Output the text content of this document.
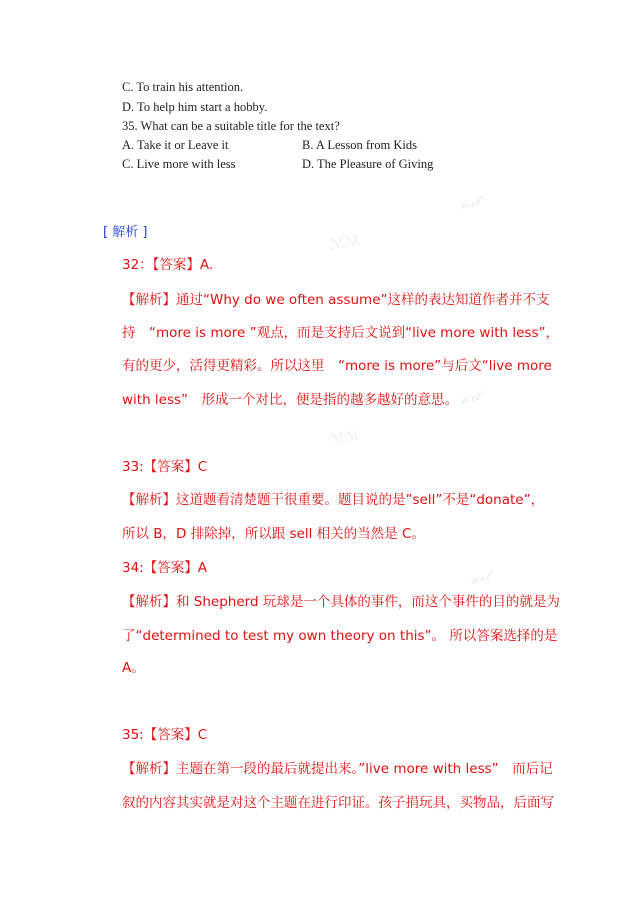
ℳℳ
𝓃𝓍𝓉
ℳℳ
𝓃𝓍𝓉
𝓃𝓍𝓉
C. To train his attention.
D. To help him start a hobby.
35. What can be a suitable title for the text?
A. Take it or Leave it	B. A Lesson from Kids
C. Live more with less	D. The Pleasure of Giving
[ 解析 ]
32：【答案】A.
【解析】通过“Why do we often assume”这样的表达知道作者并不支
持　“more is more ”观点，而是支持后文说到“live more with less”，
有的更少，活得更精彩。所以这里　“more is more”与后文“live more
with less”　形成一个对比，便是指的越多越好的意思。
33:【答案】C
【解析】这道题看清楚题干很重要。题目说的是”sell”不是“donate”，
所以 B，D 排除掉，所以跟 sell 相关的当然是 C。
34:【答案】A
【解析】和 Shepherd 玩球是一个具体的事件，而这个事件的目的就是为
了“determined to test my own theory on this”。 所以答案选择的是
A。
35:【答案】C
【解析】主题在第一段的最后就提出来。”live more with less”　而后记
叙的内容其实就是对这个主题在进行印证。孩子捐玩具，买物品，后面写
